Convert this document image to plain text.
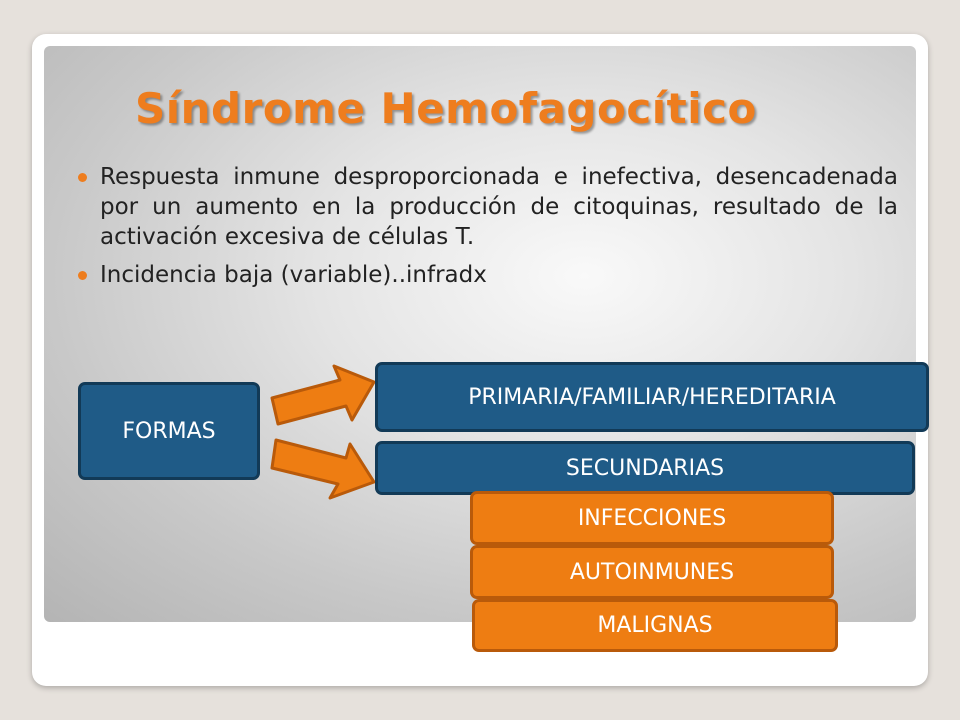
Síndrome Hemofagocítico
Respuesta inmune desproporcionada e inefectiva, desencadenada por un aumento en la producción de citoquinas, resultado de la activación excesiva de células T.
Incidencia baja (variable)..infradx
FORMAS
PRIMARIA/FAMILIAR/HEREDITARIA
SECUNDARIAS
INFECCIONES
AUTOINMUNES
MALIGNAS
